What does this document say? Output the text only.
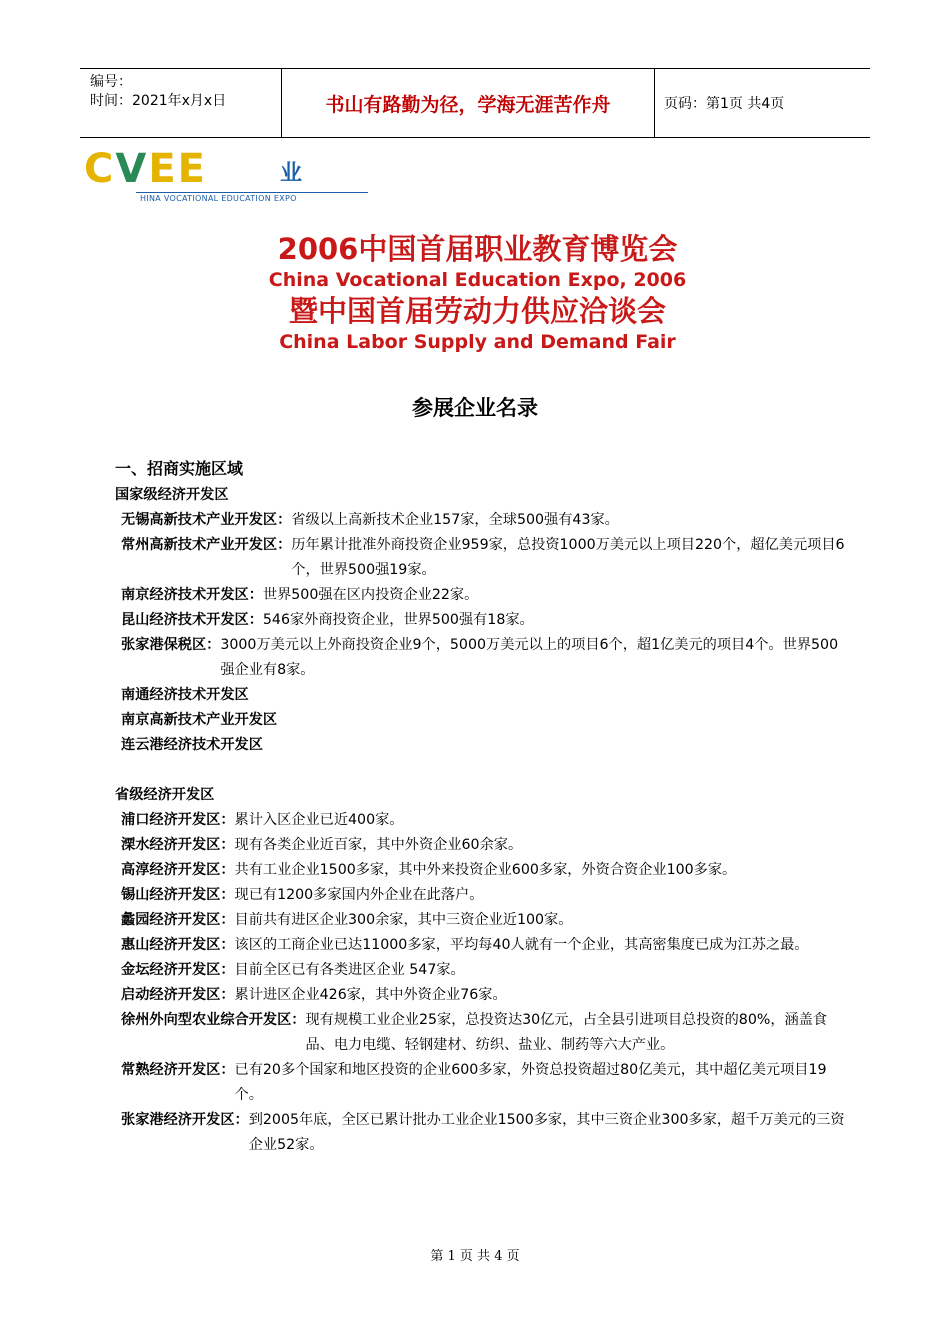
编号：
时间：2021年x月x日	书山有路勤为径，学海无涯苦作舟	页码：第1页 共4页
CVEE	业
HINA VOCATIONAL EDUCATION EXPO
2006中国首届职业教育博览会
China Vocational Education Expo, 2006
暨中国首届劳动力供应洽谈会
China Labor Supply and Demand Fair
参展企业名录
一、招商实施区域
国家级经济开发区
无锡高新技术产业开发区： 省级以上高新技术企业157家，全球500强有43家。
常州高新技术产业开发区： 历年累计批准外商投资企业959家，总投资1000万美元以上项目220个，超亿美元项目6个，世界500强19家。
南京经济技术开发区： 世界500强在区内投资企业22家。
昆山经济技术开发区： 546家外商投资企业，世界500强有18家。
张家港保税区： 3000万美元以上外商投资企业9个，5000万美元以上的项目6个，超1亿美元的项目4个。世界500强企业有8家。
南通经济技术开发区
南京高新技术产业开发区
连云港经济技术开发区
省级经济开发区
浦口经济开发区： 累计入区企业已近400家。
溧水经济开发区： 现有各类企业近百家，其中外资企业60余家。
高淳经济开发区： 共有工业企业1500多家，其中外来投资企业600多家，外资合资企业100多家。
锡山经济开发区： 现已有1200多家国内外企业在此落户。
蠡园经济开发区： 目前共有进区企业300余家，其中三资企业近100家。
惠山经济开发区： 该区的工商企业已达11000多家，平均每40人就有一个企业，其高密集度已成为江苏之最。
金坛经济开发区： 目前全区已有各类进区企业 547家。
启动经济开发区： 累计进区企业426家，其中外资企业76家。
徐州外向型农业综合开发区： 现有规模工业企业25家，总投资达30亿元，占全县引进项目总投资的80%，涵盖食品、电力电缆、轻钢建材、纺织、盐业、制药等六大产业。
常熟经济开发区： 已有20多个国家和地区投资的企业600多家，外资总投资超过80亿美元，其中超亿美元项目19个。
张家港经济开发区： 到2005年底，全区已累计批办工业企业1500多家，其中三资企业300多家，超千万美元的三资企业52家。
第 1 页 共 4 页
